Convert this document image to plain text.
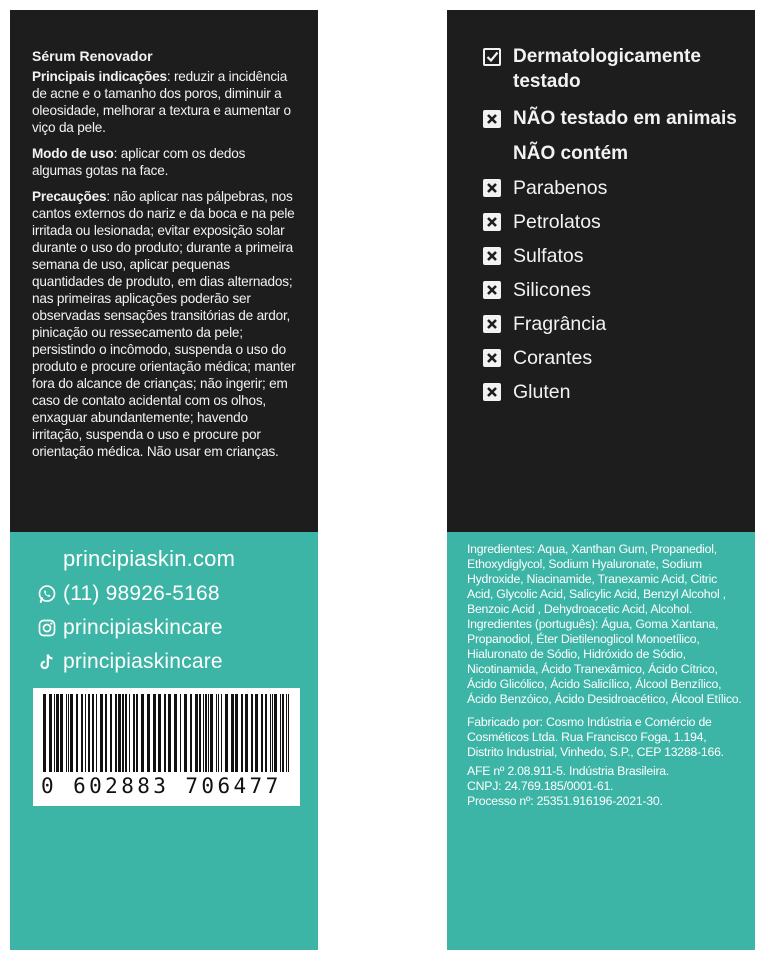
Sérum Renovador

Principais indicações: reduzir a incidência de acne e o tamanho dos poros, diminuir a oleosidade, melhorar a textura e aumentar o viço da pele.

Modo de uso: aplicar com os dedos algumas gotas na face.

Precauções: não aplicar nas pálpebras, nos cantos externos do nariz e da boca e na pele irritada ou lesionada; evitar exposição solar durante o uso do produto; durante a primeira semana de uso, aplicar pequenas quantidades de produto, em dias alternados; nas primeiras aplicações poderão ser observadas sensações transitórias de ardor, pinicação ou ressecamento da pele; persistindo o incômodo, suspenda o uso do produto e procure orientação médica; manter fora do alcance de crianças; não ingerir; em caso de contato acidental com os olhos, enxaguar abundantemente; havendo irritação, suspenda o uso e procure por orientação médica. Não usar em crianças.

principiaskin.com
(11) 98926-5168
principiaskincare
principiaskincare
0 602883 706477
Dermatologicamente testado
NÃO testado em animais
NÃO contém
Parabenos
Petrolatos
Sulfatos
Silicones
Fragrância
Corantes
Gluten

Ingredientes: Aqua, Xanthan Gum, Propanediol, Ethoxydiglycol, Sodium Hyaluronate, Sodium Hydroxide, Niacinamide, Tranexamic Acid, Citric Acid, Glycolic Acid, Salicylic Acid, Benzyl Alcohol , Benzoic Acid , Dehydroacetic Acid, Alcohol. Ingredientes (português): Água, Goma Xantana, Propanodiol, Éter Dietilenoglicol Monoetílico, Hialuronato de Sódio, Hidróxido de Sódio, Nicotinamida, Ácido Tranexâmico, Ácido Cítrico, Ácido Glicólico, Ácido Salicílico, Álcool Benzílico, Ácido Benzóico, Ácido Desidroacético, Álcool Etílico.

Fabricado por: Cosmo Indústria e Comércio de Cosméticos Ltda. Rua Francisco Foga, 1.194, Distrito Industrial, Vinhedo, S.P., CEP 13288-166.

AFE nº 2.08.911-5. Indústria Brasileira.

CNPJ: 24.769.185/0001-61.

Processo nº: 25351.916196-2021-30.
